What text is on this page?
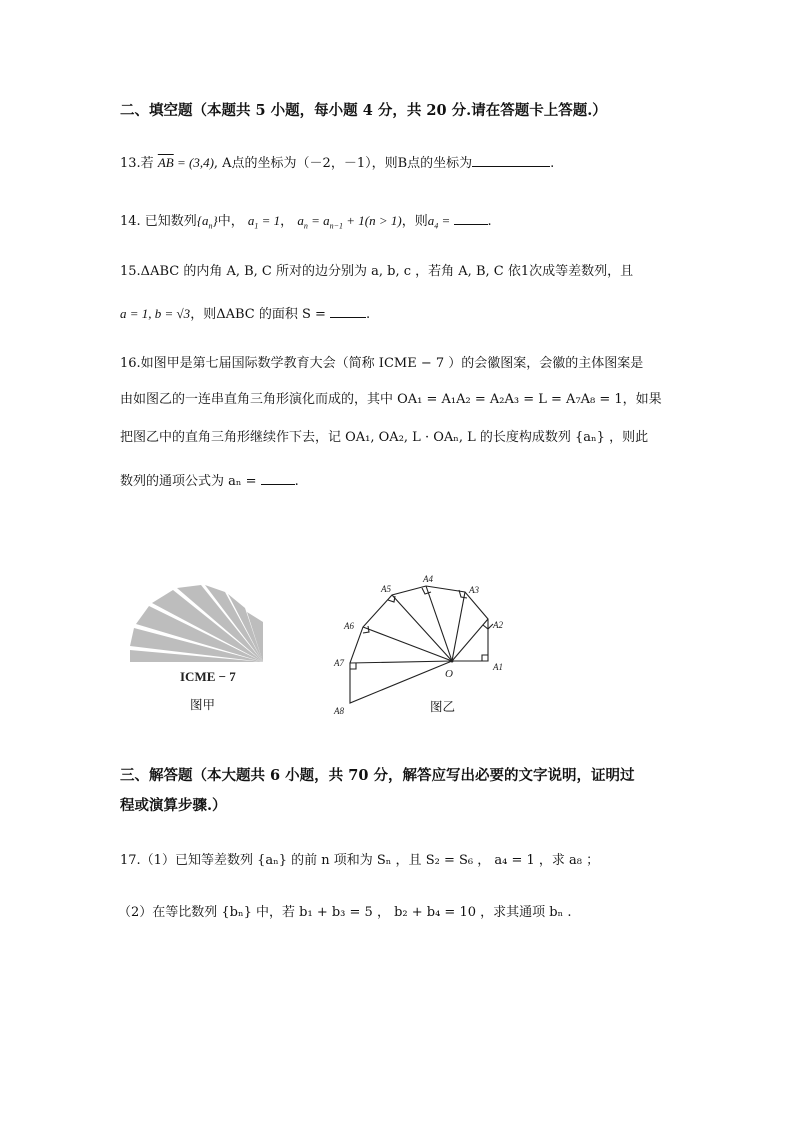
二、填空题（本题共 5 小题，每小题 4 分，共 20 分.请在答题卡上答题.）
13.若 $\overline{AB} = (3,4)$, A点的坐标为（－2，－1），则B点的坐标为	.
14. 已知数列$\{a_n\}$中， $a_1 = 1$， $a_n = a_{n-1} + 1(n > 1)$，则$a_4$ =	.
15.ΔABC 的内角 A, B, C 所对的边分别为 a, b, c ，若角 A, B, C 依1次成等差数列，且
a = 1, b = √3，则ΔABC 的面积 S =	.
16.如图甲是第七届国际数学教育大会（简称 ICME − 7 ）的会徽图案，会徽的主体图案是
由如图乙的一连串直角三角形演化而成的，其中 OA₁ = A₁A₂ = A₂A₃ = L = A₇A₈ = 1，如果
把图乙中的直角三角形继续作下去，记 OA₁, OA₂, L · OAₙ, L 的长度构成数列 {aₙ} ，则此
数列的通项公式为 aₙ =	.
ICME − 7
图甲
O
A1
A2
A3
A4
A5
A6
A7
A8	图乙
三、解答题（本大题共 6 小题，共 70 分，解答应写出必要的文字说明，证明过
程或演算步骤.）
17.（1）已知等差数列 {aₙ} 的前 n 项和为 Sₙ ，且 S₂ = S₆ ， a₄ = 1 ，求 a₈ ；
（2）在等比数列 {bₙ} 中，若 b₁ + b₃ = 5 ， b₂ + b₄ = 10 ，求其通项 bₙ .
